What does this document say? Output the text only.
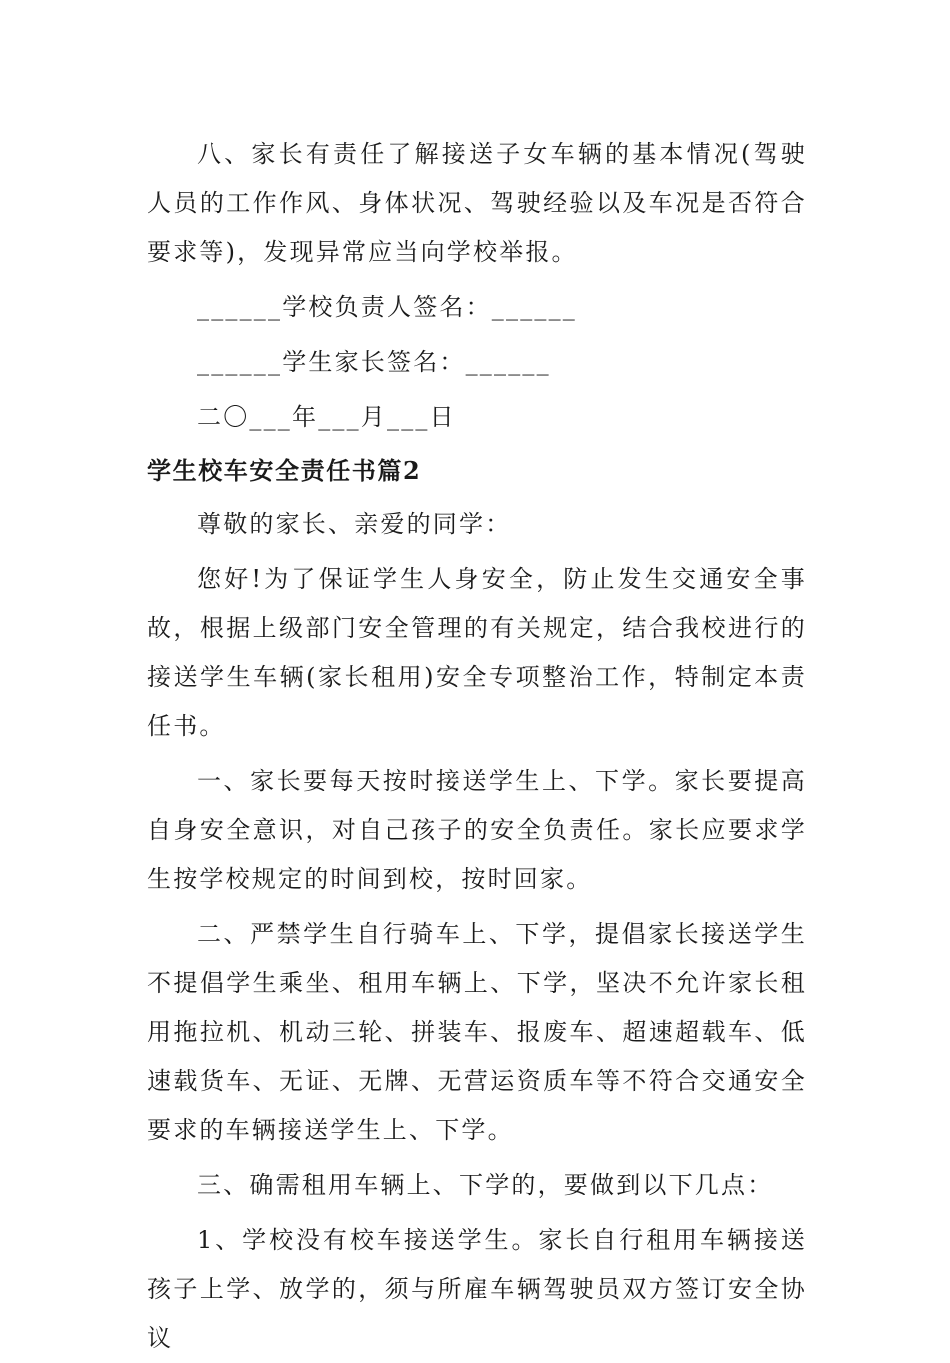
八、家长有责任了解接送子女车辆的基本情况(驾驶人员的工作作风、身体状况、驾驶经验以及车况是否符合要求等)，发现异常应当向学校举报。

______学校负责人签名：______

______学生家长签名：______

二〇___年___月___日

学生校车安全责任书篇2

尊敬的家长、亲爱的同学：

您好!为了保证学生人身安全，防止发生交通安全事故，根据上级部门安全管理的有关规定，结合我校进行的接送学生车辆(家长租用)安全专项整治工作，特制定本责任书。

一、家长要每天按时接送学生上、下学。家长要提高自身安全意识，对自己孩子的安全负责任。家长应要求学生按学校规定的时间到校，按时回家。

二、严禁学生自行骑车上、下学，提倡家长接送学生不提倡学生乘坐、租用车辆上、下学，坚决不允许家长租用拖拉机、机动三轮、拼装车、报废车、超速超载车、低速载货车、无证、无牌、无营运资质车等不符合交通安全要求的车辆接送学生上、下学。

三、确需租用车辆上、下学的，要做到以下几点：

1、学校没有校车接送学生。家长自行租用车辆接送孩子上学、放学的，须与所雇车辆驾驶员双方签订安全协议
